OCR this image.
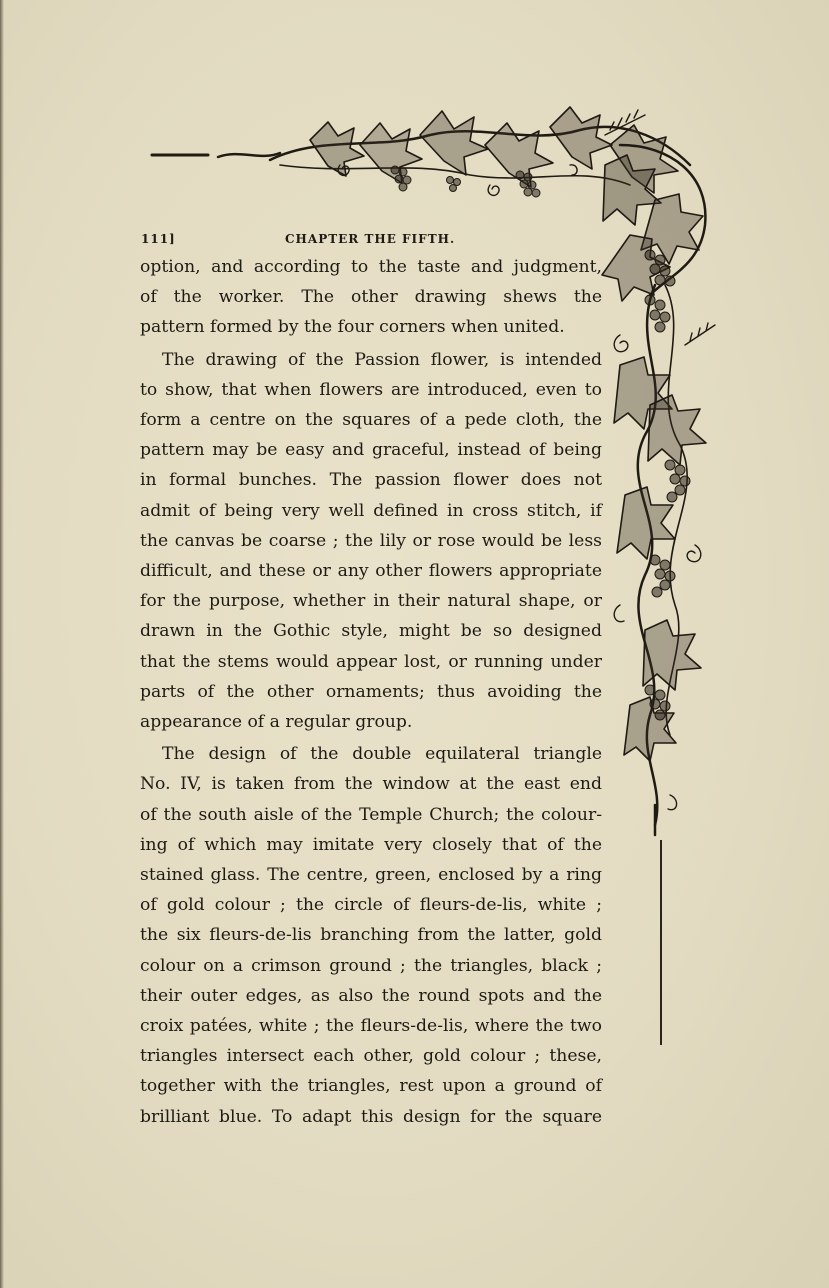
111]	CHAPTER THE FIFTH.

option, and according to the taste and judgment,
of the worker. The other drawing shews the
pattern formed by the four corners when united.

The drawing of the Passion flower, is intended
to show, that when flowers are introduced, even to
form a centre on the squares of a pede cloth, the
pattern may be easy and graceful, instead of being
in formal bunches. The passion flower does not
admit of being very well defined in cross stitch, if
the canvas be coarse ; the lily or rose would be less
difficult, and these or any other flowers appropriate
for the purpose, whether in their natural shape, or
drawn in the Gothic style, might be so designed
that the stems would appear lost, or running under
parts of the other ornaments; thus avoiding the
appearance of a regular group.

The design of the double equilateral triangle
No. IV, is taken from the window at the east end
of the south aisle of the Temple Church; the colour-
ing of which may imitate very closely that of the
stained glass. The centre, green, enclosed by a ring
of gold colour ; the circle of fleurs-de-lis, white ;
the six fleurs-de-lis branching from the latter, gold
colour on a crimson ground ; the triangles, black ;
their outer edges, as also the round spots and the
croix patées, white ; the fleurs-de-lis, where the two
triangles intersect each other, gold colour ; these,
together with the triangles, rest upon a ground of
brilliant blue. To adapt this design for the square
